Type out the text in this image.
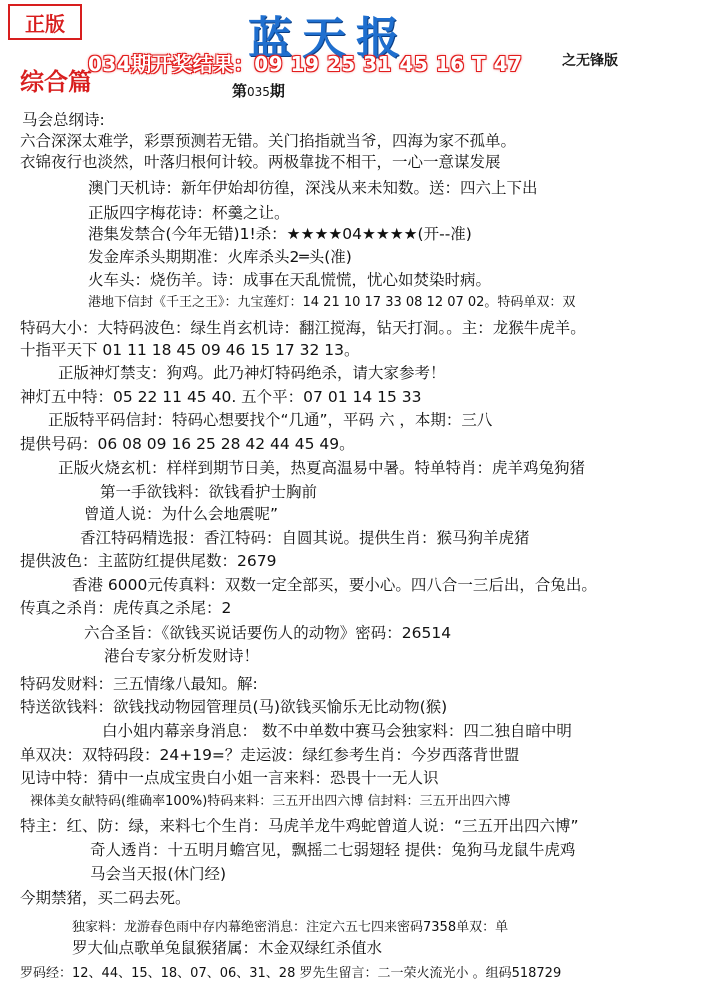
正版	蓝天报
034期开奖结果：09 19 25 31 45 16 T 47	之无锋版
综合篇	第035期
马会总纲诗:
六合深深太难学，彩票预测若无错。关门掐指就当爷，四海为家不孤单。
衣锦夜行也淡然，叶落归根何计较。两极靠拢不相干，一心一意谋发展
澳门天机诗：新年伊始却彷徨，深浅从来未知数。送：四六上下出
正版四字梅花诗：杯羹之让。
港集发禁合(今年无错)1!杀：★★★★04★★★★(开--准)
发金库杀头期期准：火库杀头2═头(准)
火车头：烧伤羊。诗：成事在天乱慌慌，忧心如焚染时病。
港地下信封《千王之王》：九宝莲灯：14 21 10 17 33 08 12 07 02。特码单双：双
特码大小：大特码波色：绿生肖玄机诗：翻江搅海，钻天打洞。。主：龙猴牛虎羊。
十指平天下 01 11 18 45 09 46 15 17 32 13。
正版神灯禁支：狗鸡。此乃神灯特码绝杀，请大家参考！
神灯五中特：05 22 11 45 40. 五个平：07 01 14 15 33
正版特平码信封：特码心想要找个“几通”，平码 六 ，本期：三八
提供号码：06 08 09 16 25 28 42 44 45 49。
正版火烧玄机：样样到期节日美，热夏高温易中暑。特单特肖：虎羊鸡兔狗猪
第一手欲钱料：欲钱看护士胸前
曾道人说：为什么会地震呢”
香江特码精选报：香江特码：自圆其说。提供生肖：猴马狗羊虎猪
提供波色：主蓝防红提供尾数：2679
香港 6000元传真料：双数一定全部买，要小心。四八合一三后出，合兔出。
传真之杀肖：虎传真之杀尾：2
六合圣旨：《欲钱买说话要伤人的动物》密码：26514
港台专家分析发财诗！
特码发财料：三五情缘八最知。解:
特送欲钱料：欲钱找动物园管理员(马)欲钱买愉乐无比动物(猴)
白小姐内幕亲身消息： 数不中单数中赛马会独家料：四二独自暗中明
单双决：双特码段：24+19=？走运波：绿红参考生肖：今岁西落背世盟
见诗中特：猜中一点成宝贵白小姐一言来料：恐畏十一无人识
裸体美女献特码(维确率100%)特码来料：三五开出四六博 信封料：三五开出四六博
特主：红、防：绿，来料七个生肖：马虎羊龙牛鸡蛇曾道人说：“三五开出四六博”
奇人透肖：十五明月蟾宫见，飘摇二七弱翅轻 提供：兔狗马龙鼠牛虎鸡
马会当天报(休门经)
今期禁猪，买二码去死。
独家料：龙游春色雨中存内幕绝密消息：注定六五七四来密码7358单双：单
罗大仙点歌单兔鼠猴猪属：木金双绿红杀值水
罗码经：12、44、15、18、07、06、31、28 罗先生留言：二一荣火流光小 。组码518729
